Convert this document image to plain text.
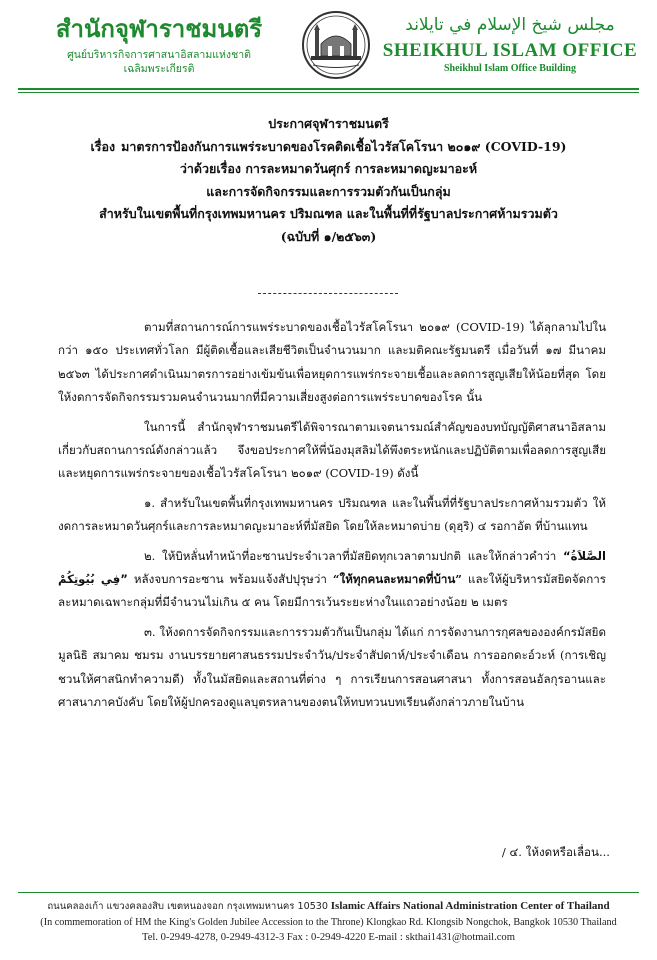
สำนักจุฬาราชมนตรี
ศูนย์บริหารกิจการศาสนาอิสลามแห่งชาติ
เฉลิมพระเกียรติ
مجلس شيخ الإسلام في تايلاند
SHEIKHUL ISLAM OFFICE
Sheikhul Islam Office Building
ประกาศจุฬาราชมนตรี
เรื่อง มาตรการป้องกันการแพร่ระบาดของโรคติดเชื้อไวรัสโคโรนา ๒๐๑๙ (COVID-19)
ว่าด้วยเรื่อง การละหมาดวันศุกร์ การละหมาดญะมาอะห์
และการจัดกิจกรรมและการรวมตัวกันเป็นกลุ่ม
สำหรับในเขตพื้นที่กรุงเทพมหานคร ปริมณฑล และในพื้นที่ที่รัฐบาลประกาศห้ามรวมตัว
(ฉบับที่ ๑/๒๕๖๓)

ตามที่สถานการณ์การแพร่ระบาดของเชื้อไวรัสโคโรนา ๒๐๑๙ (COVID-19) ได้ลุกลามไปในกว่า ๑๕๐ ประเทศทั่วโลก มีผู้ติดเชื้อและเสียชีวิตเป็นจำนวนมาก และมติคณะรัฐมนตรี เมื่อวันที่ ๑๗ มีนาคม ๒๕๖๓ ได้ประกาศดำเนินมาตรการอย่างเข้มข้นเพื่อหยุดการแพร่กระจายเชื้อและลดการสูญเสียให้น้อยที่สุด โดยให้งดการจัดกิจกรรมรวมคนจำนวนมากที่มีความเสี่ยงสูงต่อการแพร่ระบาดของโรค นั้น

ในการนี้ สำนักจุฬาราชมนตรีได้พิจารณาตามเจตนารมณ์สำคัญของบทบัญญัติศาสนาอิสลามเกี่ยวกับสถานการณ์ดังกล่าวแล้ว จึงขอประกาศให้พี่น้องมุสลิมได้พึงตระหนักและปฏิบัติตามเพื่อลดการสูญเสียและหยุดการแพร่กระจายของเชื้อไวรัสโคโรนา ๒๐๑๙ (COVID-19) ดังนี้

๑. สำหรับในเขตพื้นที่กรุงเทพมหานคร ปริมณฑล และในพื้นที่ที่รัฐบาลประกาศห้ามรวมตัว ให้งดการละหมาดวันศุกร์และการละหมาดญะมาอะห์ที่มัสยิด โดยให้ละหมาดบ่าย (ดุฮฺริ) ๔ รอกาอัต ที่บ้านแทน

๒. ให้บิหลั่นทำหน้าที่อะซานประจำเวลาที่มัสยิดทุกเวลาตามปกติ และให้กล่าวคำว่า “الصَّلاَةُ فِي بُيُوتِكُمْ” หลังจบการอะซาน พร้อมแจ้งสัปปุรุษว่า “ให้ทุกคนละหมาดที่บ้าน” และให้ผู้บริหารมัสยิดจัดการละหมาดเฉพาะกลุ่มที่มีจำนวนไม่เกิน ๕ คน โดยมีการเว้นระยะห่างในแถวอย่างน้อย ๒ เมตร

๓. ให้งดการจัดกิจกรรมและการรวมตัวกันเป็นกลุ่ม ได้แก่ การจัดงานการกุศลขององค์กรมัสยิด มูลนิธิ สมาคม ชมรม งานบรรยายศาสนธรรมประจำวัน/ประจำสัปดาห์/ประจำเดือน การออกดะอ์วะห์ (การเชิญชวนให้ศาสนิกทำความดี) ทั้งในมัสยิดและสถานที่ต่าง ๆ การเรียนการสอนศาสนา ทั้งการสอนอัลกุรอานและศาสนาภาคบังคับ โดยให้ผู้ปกครองดูแลบุตรหลานของตนให้ทบทวนบทเรียนดังกล่าวภายในบ้าน

/ ๔. ให้งดหรือเลื่อน...
ถนนคลองเก้า แขวงคลองสิบ เขตหนองจอก กรุงเทพมหานคร 10530 Islamic Affairs National Administration Center of Thailand
(In commemoration of HM the King's Golden Jubilee Accession to the Throne) Klongkao Rd. Klongsib Nongchok, Bangkok 10530 Thailand
Tel. 0-2949-4278, 0-2949-4312-3 Fax : 0-2949-4220 E-mail : skthai1431@hotmail.com
